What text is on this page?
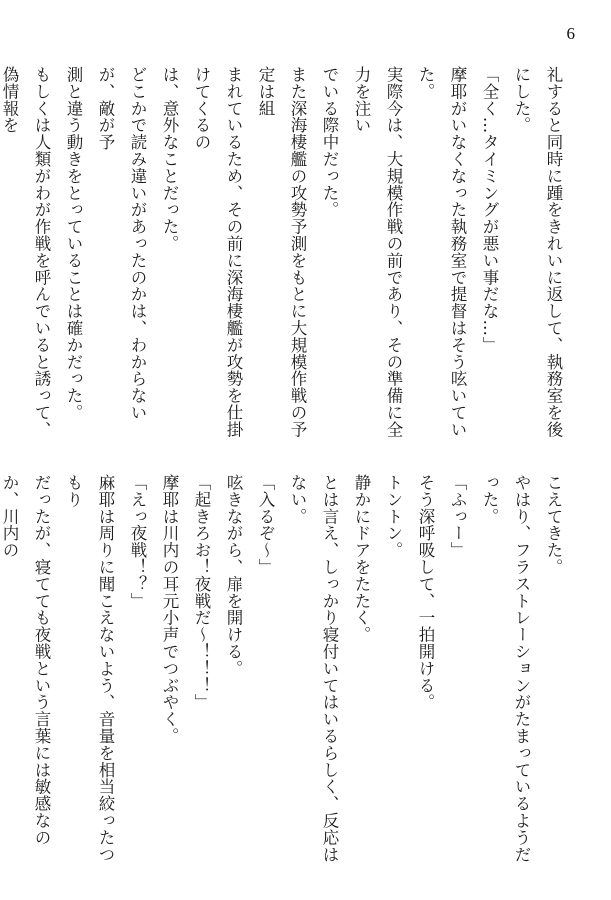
6
礼すると同時に踵をきれいに返して、執務室を後にした。
「全く…タイミングが悪い事だな…」
摩耶がいなくなった執務室で提督はそう呟いていた。
実際今は、大規模作戦の前であり、その準備に全力を注い
でいる際中だった。
また深海棲艦の攻勢予測をもとに大規模作戦の予定は組
まれているため、その前に深海棲艦が攻勢を仕掛けてくるの
は、意外なことだった。
どこかで読み違いがあったのかは、わからないが、敵が予
測と違う動きをとっていることは確かだった。
もしくは人類がわが作戦を呼んでいると誘って、偽情報を
こえてきた。
やはり、フラストレーションがたまっているようだった。
「ふっー」
そう深呼吸して、一拍開ける。
トントン。
静かにドアをたたく。
とは言え、しっかり寝付いてはいるらしく、反応はない。
「入るぞ～」
呟きながら、扉を開ける。
「起きろお！夜戦だ～！！！」
摩耶は川内の耳元小声でつぶやく。
「えっ夜戦！？」
麻耶は周りに聞こえないよう、音量を相当絞ったつもり
だったが、寝てても夜戦という言葉には敏感なのか、川内の
